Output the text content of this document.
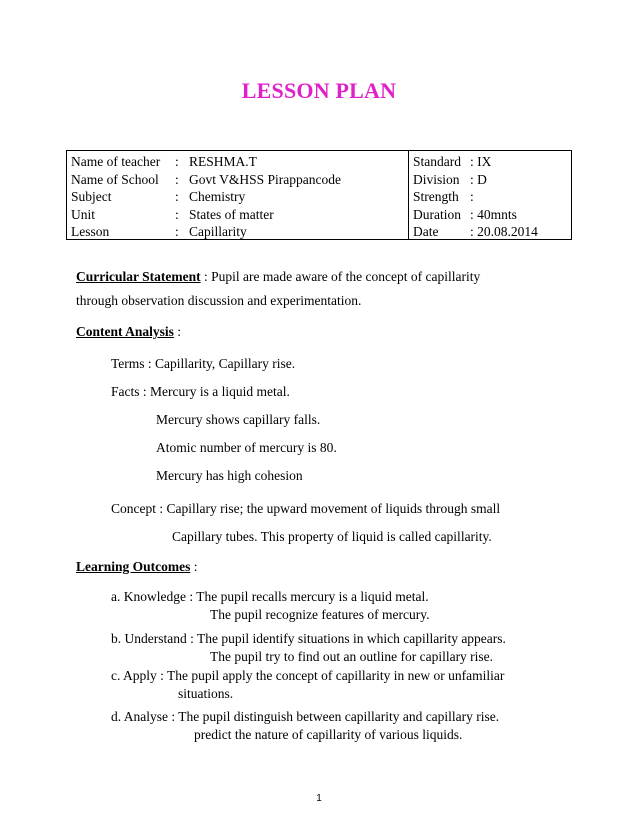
LESSON PLAN
Name of teacher : RESHMA.T
Name of School : Govt V&HSS Pirappancode
Subject	: Chemistry
Unit	: States of matter
Lesson	: Capillarity
Standard : IX
Division : D
Strength :
Duration : 40mnts
Date : 20.08.2014
Curricular Statement : Pupil are made aware of the concept of capillarity
through observation discussion and experimentation.
Content Analysis :
Terms : Capillarity, Capillary rise.
Facts : Mercury is a liquid metal.
Mercury shows capillary falls.
Atomic number of mercury is 80.
Mercury has high cohesion
Concept : Capillary rise; the upward movement of liquids through small
Capillary tubes. This property of liquid is called capillarity.
Learning Outcomes :
a. Knowledge : The pupil recalls mercury is a liquid metal.
The pupil recognize features of mercury.
b. Understand : The pupil identify situations in which capillarity appears.
The pupil try to find out an outline for capillary rise.
c. Apply : The pupil apply the concept of capillarity in new or unfamiliar
situations.
d. Analyse : The pupil distinguish between capillarity and capillary rise.
predict the nature of capillarity of various liquids.
1
